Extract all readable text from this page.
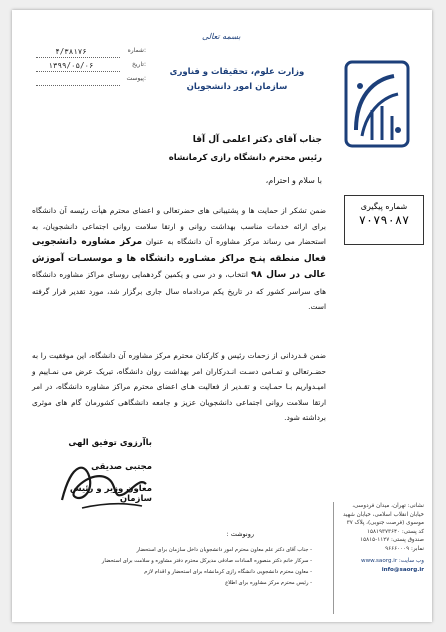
بسمه تعالی
۴/۳۸۱۷۶	شماره:
۱۳۹۹/۰۵/۰۶	تاریخ:
پیوست:
وزارت علوم، تحقیقات و فناوری
سازمان امور دانشجویان
جناب آقای دکتر اعلمی آل آقا
رئیس محترم دانشگاه رازی کرمانشاه
با سلام و احترام،
شماره پیگیری
۷۰۷۹۰۸۷
ضمن تشکر از حمایت ها و پشتیبانی های حضرتعالی و اعضای محترم هیأت رئیسه آن دانشگاه برای ارائه خدمات مناسب بهداشت روانی و ارتقا سلامت روانی اجتماعی دانشجویان، به استحضار می رساند مرکز مشاوره آن دانشگاه به عنوان مرکز مشاوره دانشجویی فعال منطقه پنـج مراکز مشـاوره دانشگاه ها و موسسـات آموزش عالی در سال ۹۸ انتخاب، و در سی و یکمین گردهمایی روسای مراکز مشاوره دانشگاه های سراسر کشور که در تاریخ یکم مردادماه سال جاری برگزار شد، مورد تقدیر قرار گرفته است.
ضمن قـدردانی از زحمات رئیس و کارکنان محترم مرکز مشاوره آن دانشگاه، این موفقیت را به حضـرتعالی و تمـامی دسـت انـدرکاران امر بهداشت روان دانشگاه، تبریک عرض می نمـاییم و امیـدواریم بـا حمـایت و تقـدیر از فعالیت هـای اعضای محترم مراکز مشاوره دانشگاه، در امر ارتقا سلامت روانی اجتماعی دانشجویان عزیز و جامعه دانشگاهی کشورمان گام های موثری برداشته شود.
باآرزوی توفیق الهی
مجتبی صدیقی
معاون وزیر و رئیس سازمان
رونوشت :
- جناب آقای دکتر علم معاون محترم امور دانشجویان داخل سازمان برای استحضار
- سرکار خانم دکتر منصوره السادات صادقی مدیرکل محترم دفتر مشاوره و سلامت برای استحضار
- معاون محترم دانشجویی دانشگاه رازی کرمانشاه برای استحضار و اقدام لازم
- رئیس محترم مرکز مشاوره برای اطلاع
نشانی: تهران، میدان فردوسی، خیابان انقلاب اسلامی، خیابان شهید موسوی (فرصت جنوبی)، پلاک ۳۷
کد پستی: ۱۵۸۱۹۳۷۳۶۴۰
صندوق پستی: ۱۱۲۷-۱۵۸۱۵
نمابر: ۹۶۶۶۰۰۰۹
وب سایت: www.saorg.ir
info@saorg.ir
